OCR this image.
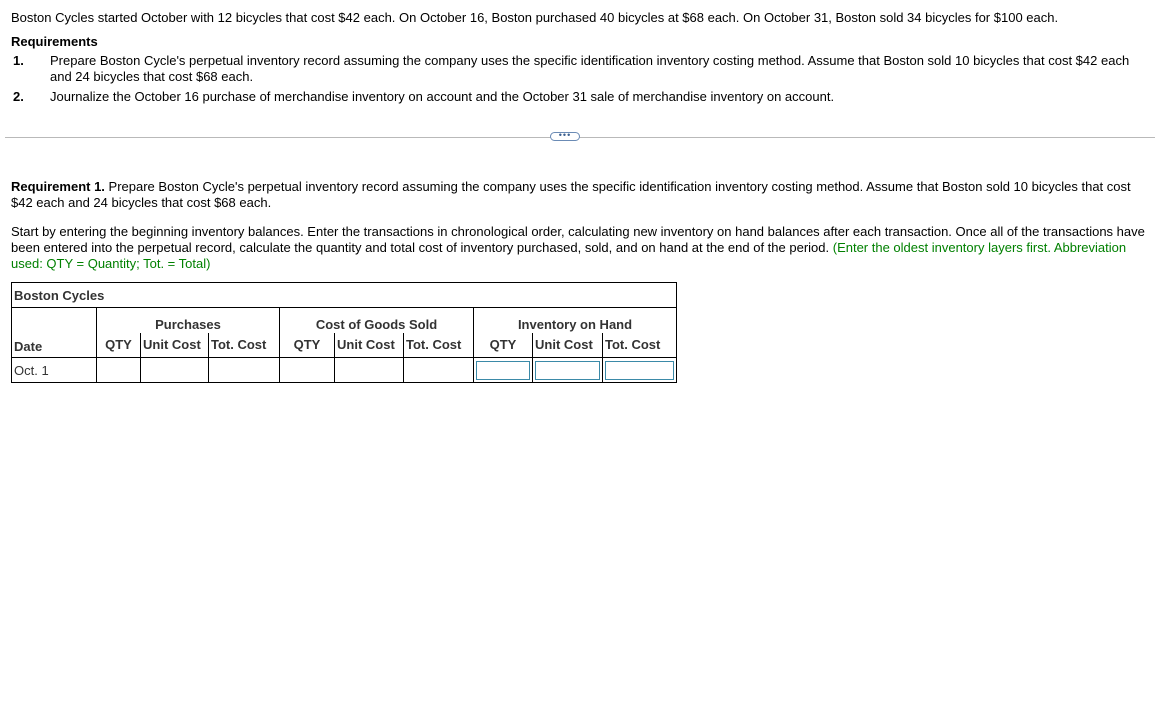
Boston Cycles started October with 12 bicycles that cost $42 each. On October 16, Boston purchased 40 bicycles at $68 each. On October 31, Boston sold 34 bicycles for $100 each.
Requirements
1. Prepare Boston Cycle's perpetual inventory record assuming the company uses the specific identification inventory costing method. Assume that Boston sold 10 bicycles that cost $42 each and 24 bicycles that cost $68 each.
2. Journalize the October 16 purchase of merchandise inventory on account and the October 31 sale of merchandise inventory on account.
•••
Requirement 1. Prepare Boston Cycle's perpetual inventory record assuming the company uses the specific identification inventory costing method. Assume that Boston sold 10 bicycles that cost $42 each and 24 bicycles that cost $68 each.
Start by entering the beginning inventory balances. Enter the transactions in chronological order, calculating new inventory on hand balances after each transaction. Once all of the transactions have been entered into the perpetual record, calculate the quantity and total cost of inventory purchased, sold, and on hand at the end of the period. (Enter the oldest inventory layers first. Abbreviation used: QTY = Quantity; Tot. = Total)
Boston Cycles									
Date	Purchases			Cost of Goods Sold			Inventory on Hand		
	QTY	Unit Cost	Tot. Cost	QTY	Unit Cost	Tot. Cost	QTY	Unit Cost	Tot. Cost
Oct. 1							
